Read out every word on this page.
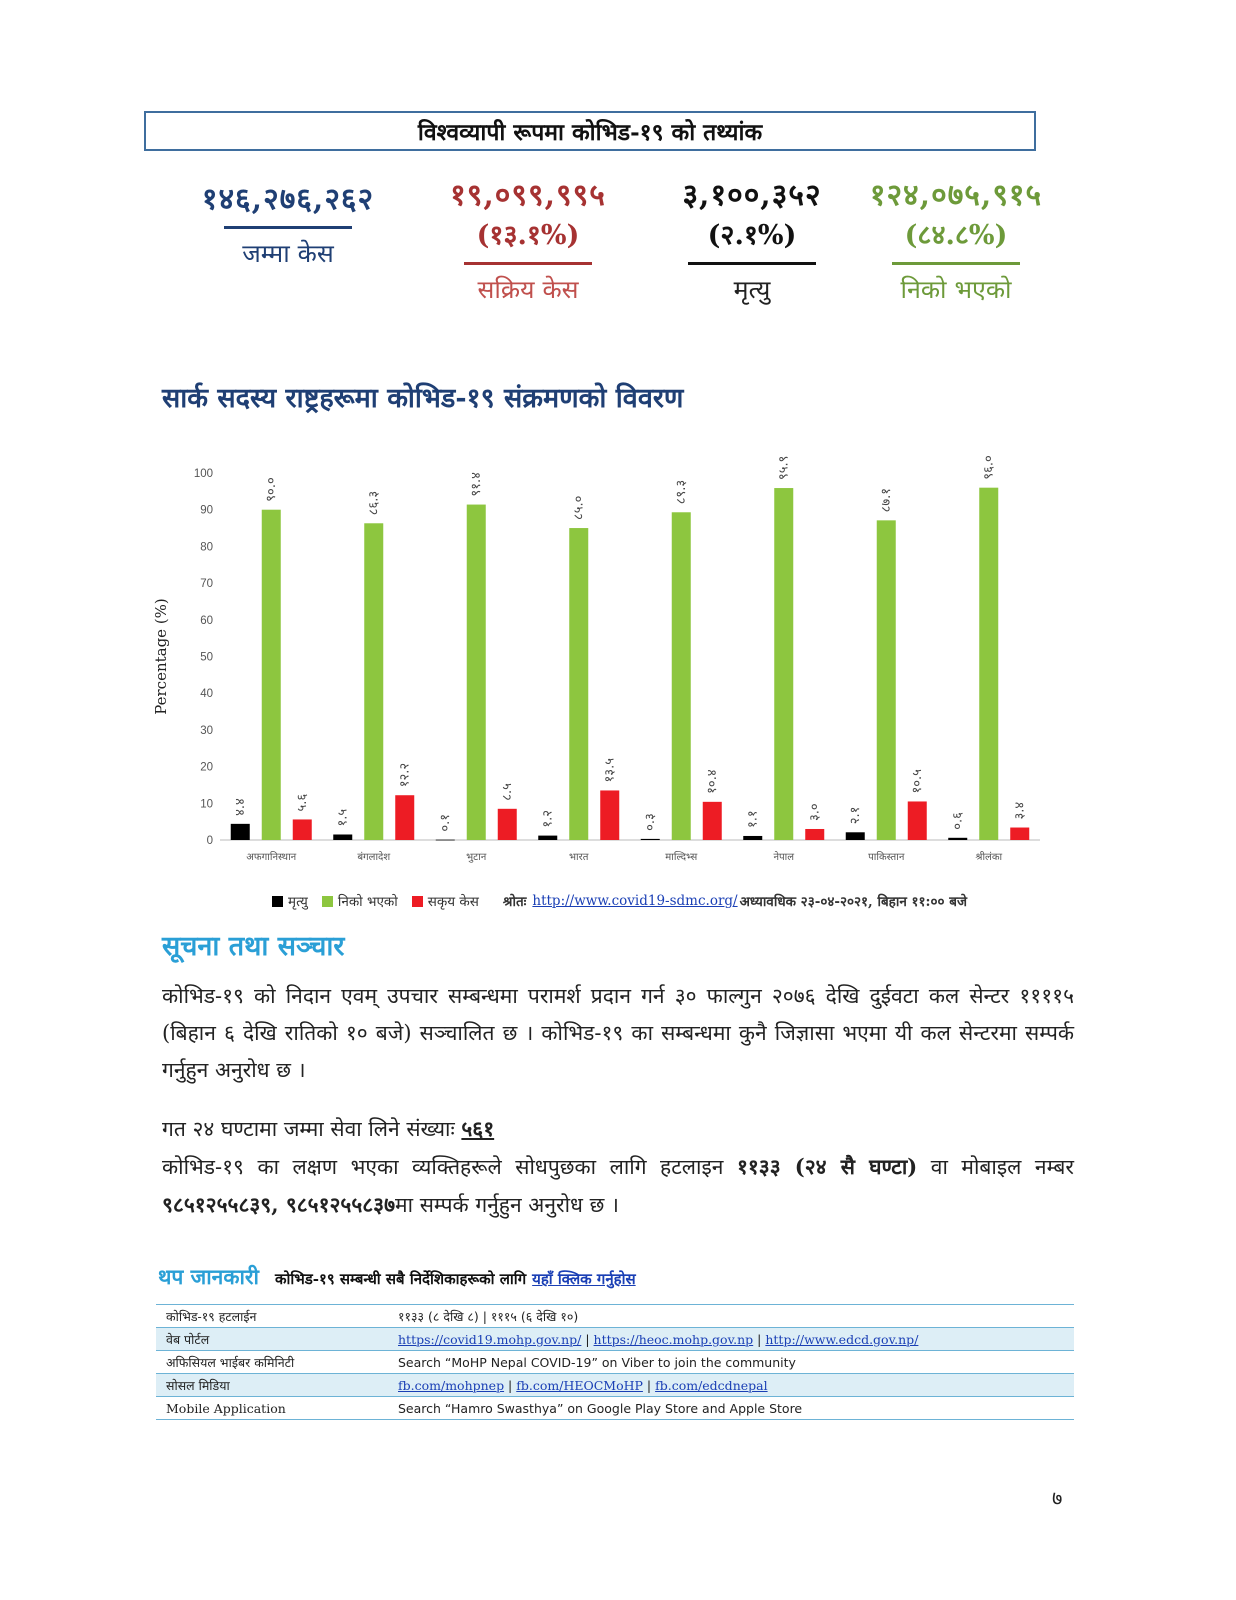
विश्वव्यापी रूपमा कोभिड-१९ को तथ्यांक
१४६,२७६,२६२
जम्मा केस
१९,०९९,९९५
(१३.१%)
सक्रिय केस
३,१००,३५२
(२.१%)
मृत्यु
१२४,०७५,९१५
(८४.८%)
निको भएको
सार्क सदस्य राष्ट्रहरूमा कोभिड-१९ संक्रमणको विवरण
0
10
20
30
40
50
60
70
80
90
100
Percentage (%)
४.४
९०.०
५.६
अफगानिस्थान
१.५
८६.३
१२.२
बंगलादेश
०.१
९१.४
८.५
भुटान
१.२
८५.०
१३.५
भारत
०.३
८९.३
१०.४
माल्दिभ्स
१.१
९५.९
३.०
नेपाल
२.१
८७.१
१०.५
पाकिस्तान
०.६
९६.०
३.४
श्रीलंका
मृत्यु निको भएको सकृय केस श्रोतः http://www.covid19-sdmc.org/ अध्यावधिक २३-०४-२०२१, बिहान ११:०० बजे
सूचना तथा सञ्चार
कोभिड-१९ को निदान एवम् उपचार सम्बन्धमा परामर्श प्रदान गर्न ३० फाल्गुन २०७६ देखि दुईवटा कल सेन्टर ११११५ (बिहान ६ देखि रातिको १० बजे) सञ्चालित छ । कोभिड-१९ का सम्बन्धमा कुनै जिज्ञासा भएमा यी कल सेन्टरमा सम्पर्क गर्नुहुन अनुरोध छ ।
गत २४ घण्टामा जम्मा सेवा लिने संख्याः ५६१
कोभिड-१९ का लक्षण भएका व्यक्तिहरूले सोधपुछका लागि हटलाइन ११३३ (२४ सै घण्टा) वा मोबाइल नम्बर ९८५१२५५८३९, ९८५१२५५८३७मा सम्पर्क गर्नुहुन अनुरोध छ ।
थप जानकारी कोभिड-१९ सम्बन्धी सबै निर्देशिकाहरूको लागि यहाँ क्लिक गर्नुहोस
कोभिड-१९ हटलाईन	११३३ (८ देखि ८) | १११५ (६ देखि १०)
वेब पोर्टल	https://covid19.mohp.gov.np/ | https://heoc.mohp.gov.np | http://www.edcd.gov.np/
अफिसियल भाईबर कमिनिटी	Search “MoHP Nepal COVID-19” on Viber to join the community
सोसल मिडिया	fb.com/mohpnep | fb.com/HEOCMoHP | fb.com/edcdnepal
Mobile Application	Search “Hamro Swasthya” on Google Play Store and Apple Store
७
